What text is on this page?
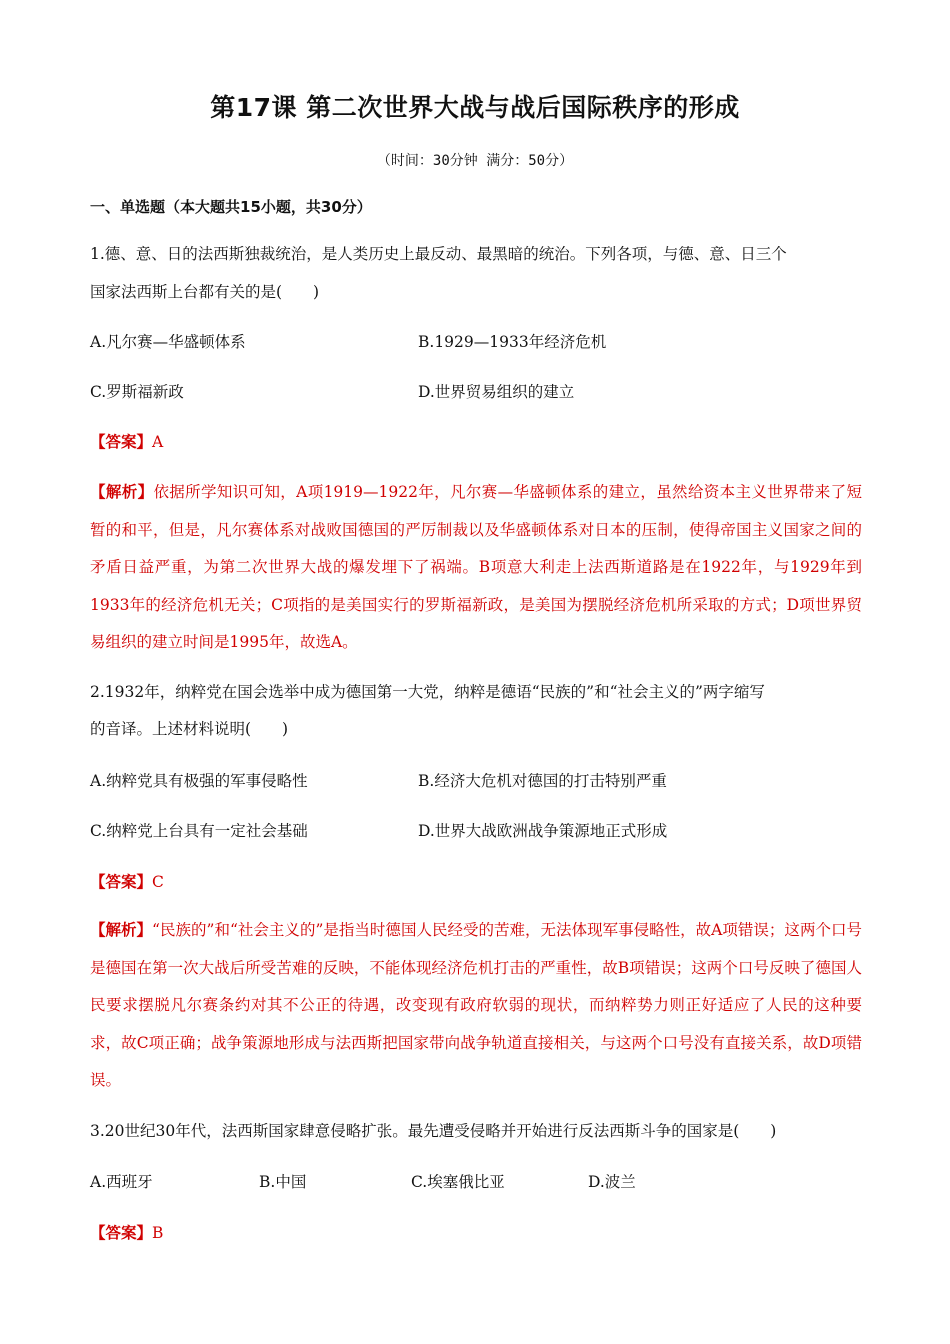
第17课 第二次世界大战与战后国际秩序的形成
（时间：30分钟 满分：50分）
一、单选题（本大题共15小题，共30分）
1.德、意、日的法西斯独裁统治，是人类历史上最反动、最黑暗的统治。下列各项，与德、意、日三个
国家法西斯上台都有关的是(　　)
A.凡尔赛—华盛顿体系	B.1929—1933年经济危机
C.罗斯福新政	D.世界贸易组织的建立
【答案】A
【解析】依据所学知识可知，A项1919—1922年，凡尔赛—华盛顿体系的建立，虽然给资本主义世界带来了短暂的和平，但是，凡尔赛体系对战败国德国的严厉制裁以及华盛顿体系对日本的压制，使得帝国主义国家之间的矛盾日益严重，为第二次世界大战的爆发埋下了祸端。B项意大利走上法西斯道路是在1922年，与1929年到1933年的经济危机无关；C项指的是美国实行的罗斯福新政，是美国为摆脱经济危机所采取的方式；D项世界贸易组织的建立时间是1995年，故选A。
2.1932年，纳粹党在国会选举中成为德国第一大党，纳粹是德语“民族的”和“社会主义的”两字缩写
的音译。上述材料说明(　　)
A.纳粹党具有极强的军事侵略性	B.经济大危机对德国的打击特别严重
C.纳粹党上台具有一定社会基础	D.世界大战欧洲战争策源地正式形成
【答案】C
【解析】“民族的”和“社会主义的”是指当时德国人民经受的苦难，无法体现军事侵略性，故A项错误；这两个口号是德国在第一次大战后所受苦难的反映，不能体现经济危机打击的严重性，故B项错误；这两个口号反映了德国人民要求摆脱凡尔赛条约对其不公正的待遇，改变现有政府软弱的现状，而纳粹势力则正好适应了人民的这种要求，故C项正确；战争策源地形成与法西斯把国家带向战争轨道直接相关，与这两个口号没有直接关系，故D项错误。
3.20世纪30年代，法西斯国家肆意侵略扩张。最先遭受侵略并开始进行反法西斯斗争的国家是(　　)
A.西班牙	B.中国	C.埃塞俄比亚	D.波兰
【答案】B
